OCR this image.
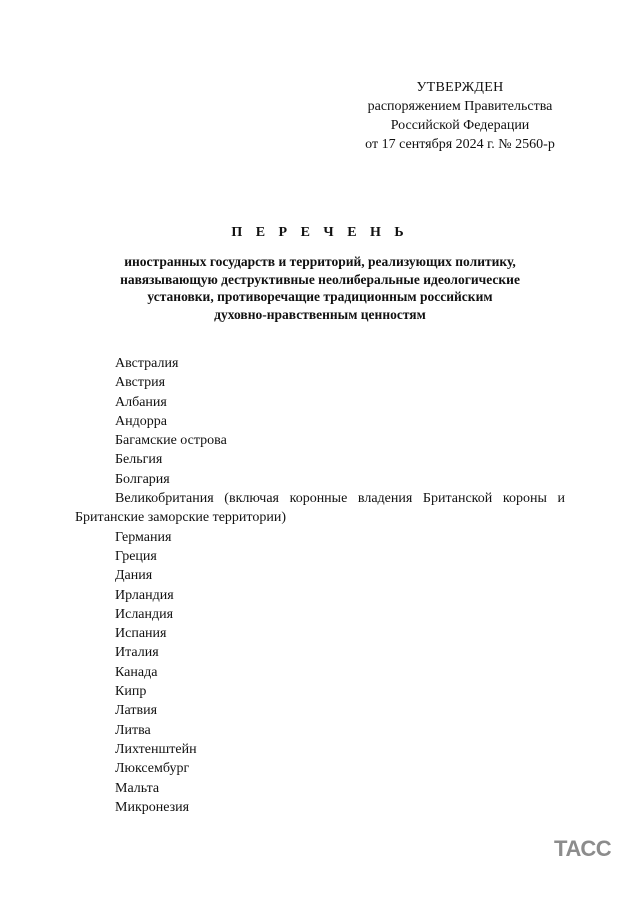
УТВЕРЖДЕН
распоряжением Правительства
Российской Федерации
от 17 сентября 2024 г. № 2560-р
П Е Р Е Ч Е Н Ь
иностранных государств и территорий, реализующих политику,
навязывающую деструктивные неолиберальные идеологические
установки, противоречащие традиционным российским
духовно-нравственным ценностям
Австралия
Австрия
Албания
Андорра
Багамские острова
Бельгия
Болгария
Великобритания (включая коронные владения Британской короны и Британские заморские территории)
Германия
Греция
Дания
Ирландия
Исландия
Испания
Италия
Канада
Кипр
Латвия
Литва
Лихтенштейн
Люксембург
Мальта
Микронезия
ТАСС
